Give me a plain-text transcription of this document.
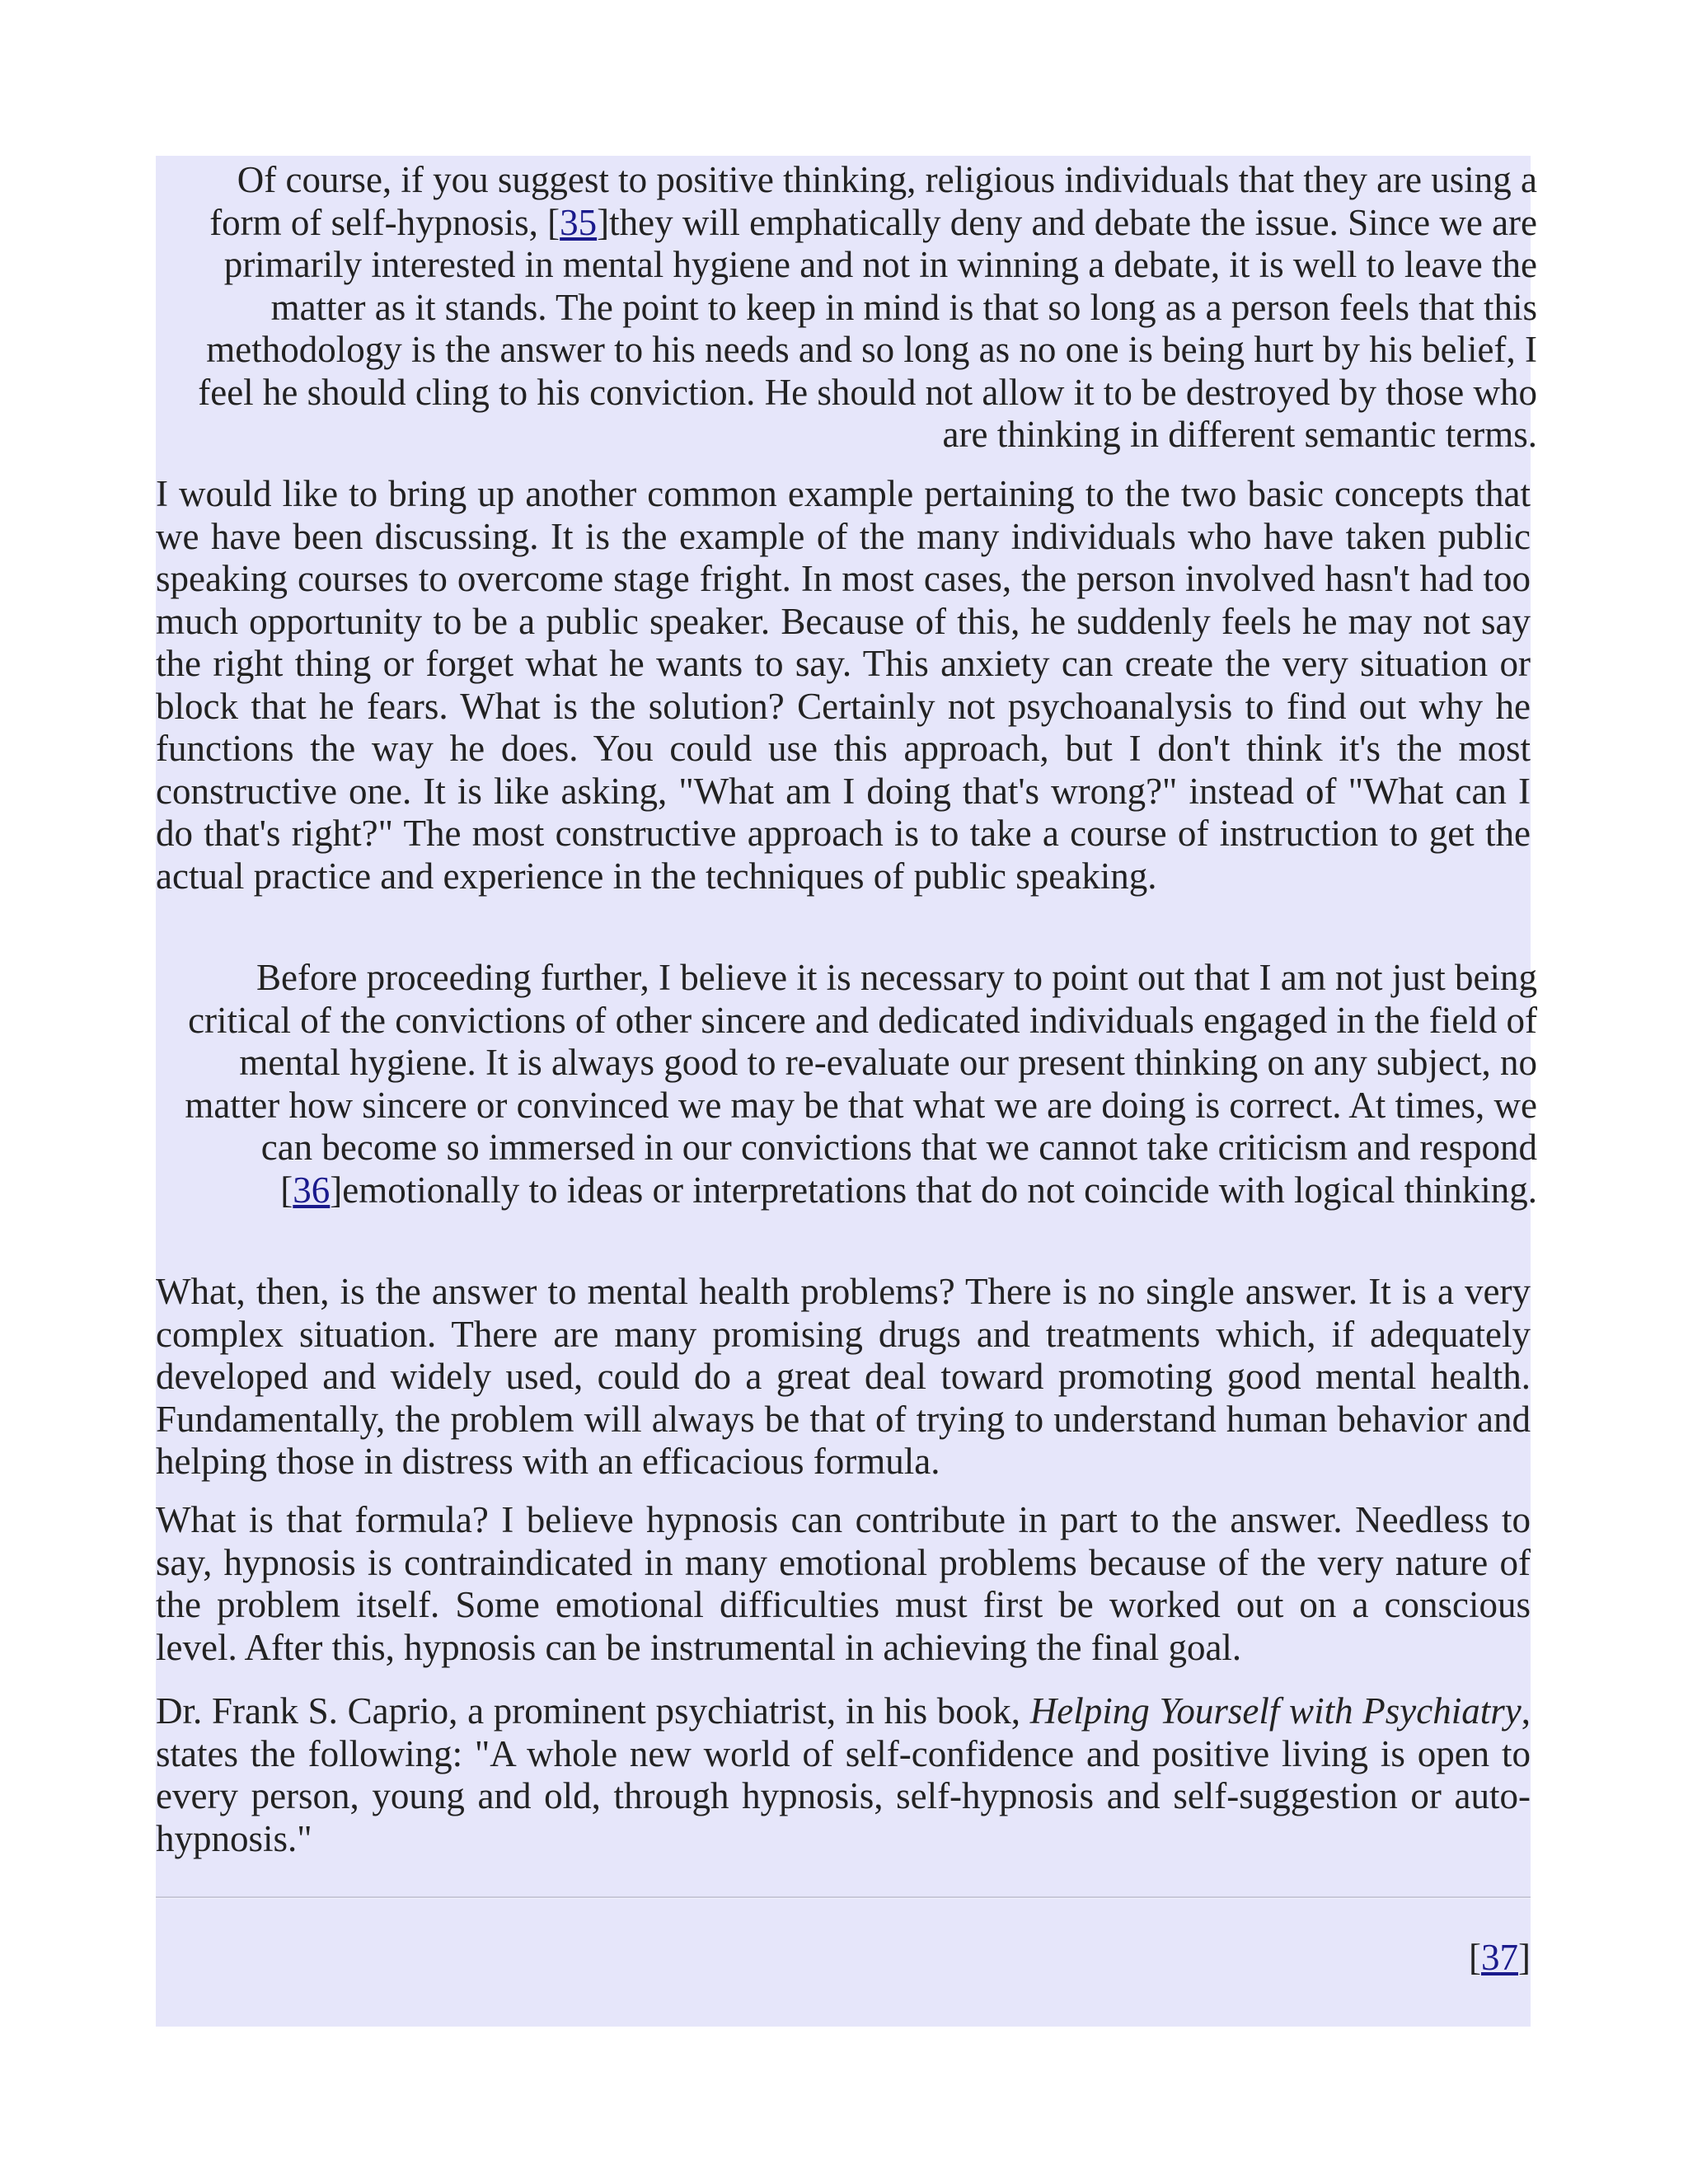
Of course, if you suggest to positive thinking, religious individuals that they are using a form of self-hypnosis, [35]they will emphatically deny and debate the issue. Since we are primarily interested in mental hygiene and not in winning a debate, it is well to leave the matter as it stands. The point to keep in mind is that so long as a person feels that this methodology is the answer to his needs and so long as no one is being hurt by his belief, I feel he should cling to his conviction. He should not allow it to be destroyed by those who are thinking in different semantic terms.

I would like to bring up another common example pertaining to the two basic concepts that we have been discussing. It is the example of the many individuals who have taken public speaking courses to overcome stage fright. In most cases, the person involved hasn't had too much opportunity to be a public speaker. Because of this, he suddenly feels he may not say the right thing or forget what he wants to say. This anxiety can create the very situation or block that he fears. What is the solution? Certainly not psychoanalysis to find out why he functions the way he does. You could use this approach, but I don't think it's the most constructive one. It is like asking, "What am I doing that's wrong?" instead of "What can I do that's right?" The most constructive approach is to take a course of instruction to get the actual practice and experience in the techniques of public speaking.

Before proceeding further, I believe it is necessary to point out that I am not just being critical of the convictions of other sincere and dedicated individuals engaged in the field of mental hygiene. It is always good to re-evaluate our present thinking on any subject, no matter how sincere or convinced we may be that what we are doing is correct. At times, we can become so immersed in our convictions that we cannot take criticism and respond [36]emotionally to ideas or interpretations that do not coincide with logical thinking.

What, then, is the answer to mental health problems? There is no single answer. It is a very complex situation. There are many promising drugs and treatments which, if adequately developed and widely used, could do a great deal toward promoting good mental health. Fundamentally, the problem will always be that of trying to understand human behavior and helping those in distress with an efficacious formula.

What is that formula? I believe hypnosis can contribute in part to the answer. Needless to say, hypnosis is contraindicated in many emotional problems because of the very nature of the problem itself. Some emotional difficulties must first be worked out on a conscious level. After this, hypnosis can be instrumental in achieving the final goal.

Dr. Frank S. Caprio, a prominent psychiatrist, in his book, Helping Yourself with Psychiatry, states the following: "A whole new world of self-confidence and positive living is open to every person, young and old, through hypnosis, self-hypnosis and self-suggestion or auto-hypnosis."

[37]
